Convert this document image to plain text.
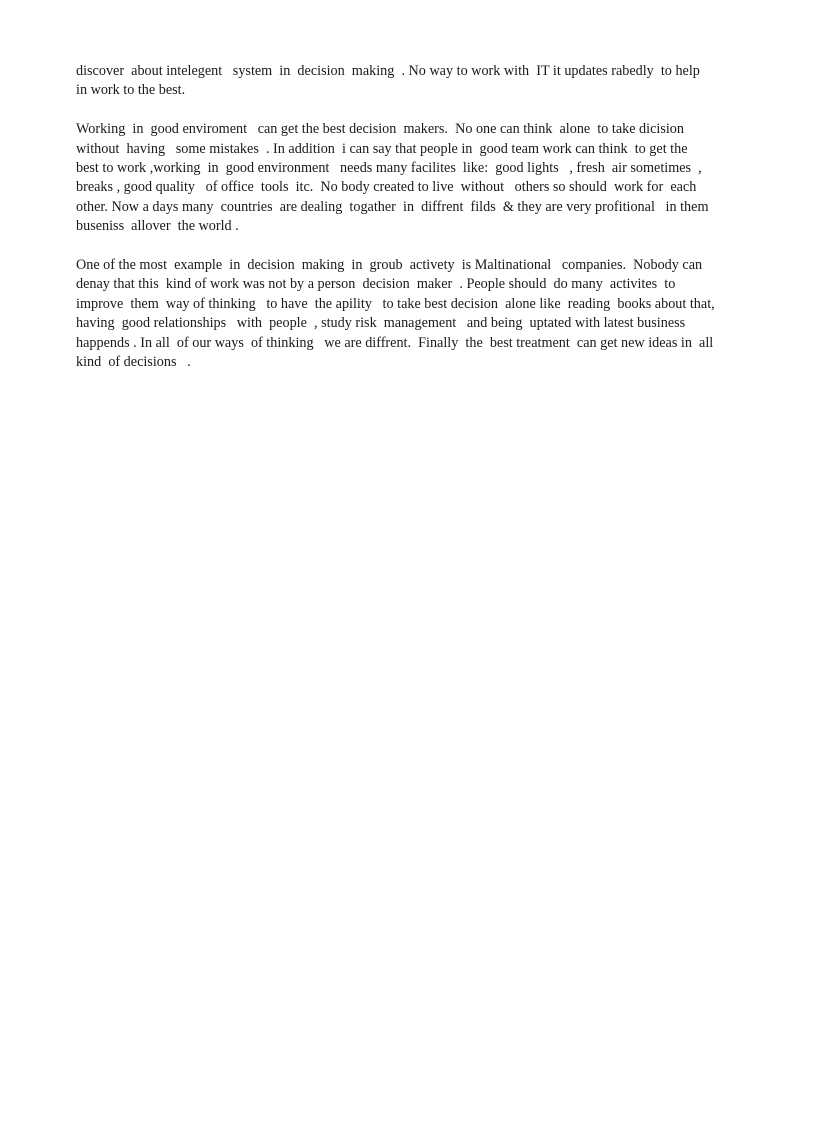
discover  about intelegent   system  in  decision  making  . No way to work with  IT it updates rabedly  to help
in work to the best.

Working  in  good enviroment   can get the best decision  makers.  No one can think  alone  to take dicision
without  having   some mistakes  . In addition  i can say that people in  good team work can think  to get the
best to work ,working  in  good environment   needs many facilites  like:  good lights   , fresh  air sometimes  ,
breaks , good quality   of office  tools  itc.  No body created to live  without   others so should  work for  each
other. Now a days many  countries  are dealing  togather  in  diffrent  filds  & they are very profitional   in them
buseniss  allover  the world .

One of the most  example  in  decision  making  in  groub  activety  is Maltinational   companies.  Nobody can
denay that this  kind of work was not by a person  decision  maker  . People should  do many  activites  to
improve  them  way of thinking   to have  the apility   to take best decision  alone like  reading  books about that,
having  good relationships   with  people  , study risk  management   and being  uptated with latest business
happends . In all  of our ways  of thinking   we are diffrent.  Finally  the  best treatment  can get new ideas in  all
kind  of decisions   .
